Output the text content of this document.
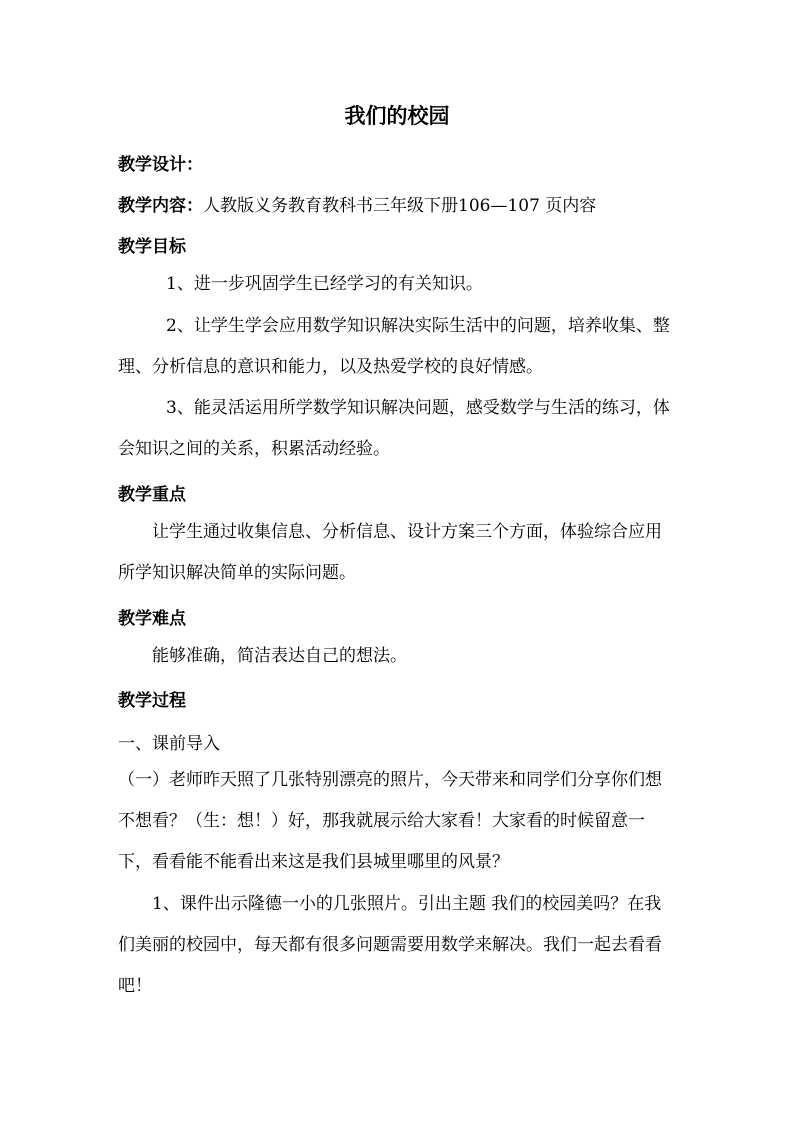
我们的校园
教学设计：
教学内容：人教版义务教育教科书三年级下册106—107 页内容
教学目标
1、进一步巩固学生已经学习的有关知识。
2、让学生学会应用数学知识解决实际生活中的问题，培养收集、整理、分析信息的意识和能力，以及热爱学校的良好情感。
3、能灵活运用所学数学知识解决问题，感受数学与生活的练习，体会知识之间的关系，积累活动经验。
教学重点
让学生通过收集信息、分析信息、设计方案三个方面，体验综合应用所学知识解决简单的实际问题。
教学难点
能够准确，简洁表达自己的想法。
教学过程
一、课前导入
（一）老师昨天照了几张特别漂亮的照片，今天带来和同学们分享你们想不想看？（生：想！）好，那我就展示给大家看！大家看的时候留意一下，看看能不能看出来这是我们县城里哪里的风景？
1、课件出示隆德一小的几张照片。引出主题 我们的校园美吗？在我们美丽的校园中，每天都有很多问题需要用数学来解决。我们一起去看看吧！
